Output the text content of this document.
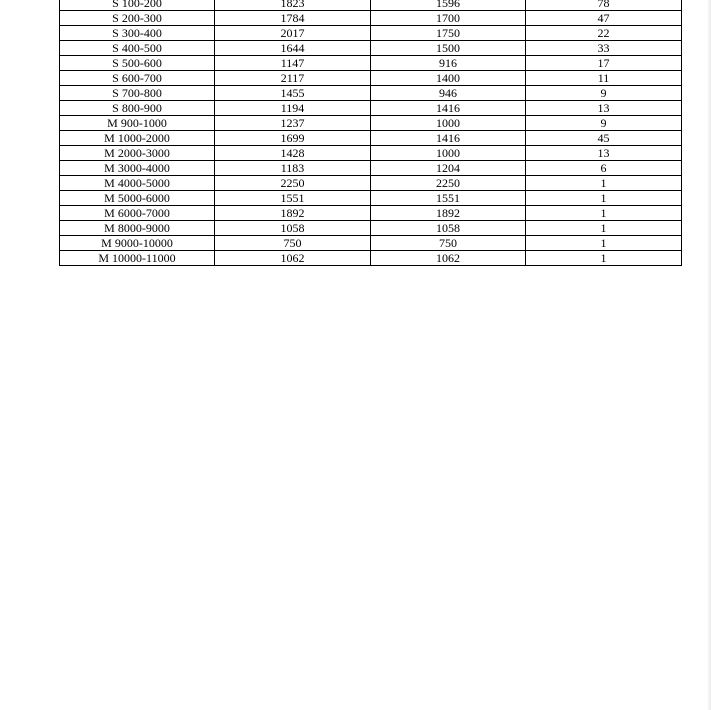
S 100-200	1823	1596	78
S 200-300	1784	1700	47
S 300-400	2017	1750	22
S 400-500	1644	1500	33
S 500-600	1147	916	17
S 600-700	2117	1400	11
S 700-800	1455	946	9
S 800-900	1194	1416	13
M 900-1000	1237	1000	9
M 1000-2000	1699	1416	45
M 2000-3000	1428	1000	13
M 3000-4000	1183	1204	6
M 4000-5000	2250	2250	1
M 5000-6000	1551	1551	1
M 6000-7000	1892	1892	1
M 8000-9000	1058	1058	1
M 9000-10000	750	750	1
M 10000-11000	1062	1062	1
